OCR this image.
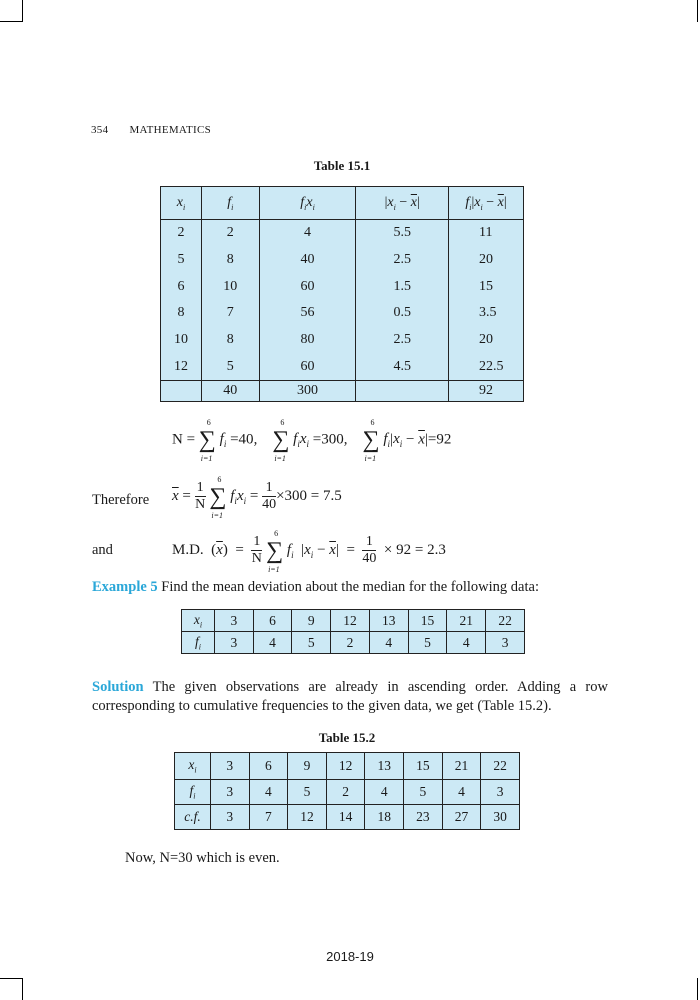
354 MATHEMATICS
Table 15.1
$x_i$	$f_i$	$f_ix_i$	$|x_i - \overline{x}|$	$f_i|x_i - \overline{x}|$
2	2	4	5.5	11
5	8	40	2.5	20
6	10	60	1.5	15
8	7	56	0.5	3.5
10	8	80	2.5	20
12	5	60	4.5	22.5
	40	300		92
N = ∑
6
i=1
$f_i =40$,    ∑
6
i=1
$f_ix_i =300$,    ∑
6
i=1
$f_i|x_i - \overline{x}|=92$
Therefore $\overline{x} = \frac{1}{N}$ ∑
6
i=1
$f_ix_i = \frac{1}{40} \times 300 = 7.5$
and	M.D.  $(\overline{x}) = \frac{1}{N}$ ∑
6
i=1
$f_i$  $|x_i - \overline{x}| = \frac{1}{40} \times 92 = 2.3$
Example 5 Find the mean deviation about the median for the following data:
$x_i$	3	6	9	12	13	15	21	22
$f_i$	3	4	5	2	4	5	4	3
Solution The given observations are already in ascending order. Adding a row corresponding to cumulative frequencies to the given data, we get (Table 15.2).
Table 15.2
$x_i$	3	6	9	12	13	15	21	22
$f_i$	3	4	5	2	4	5	4	3
c.f.	3	7	12	14	18	23	27	30
Now, N=30 which is even.
2018-19
